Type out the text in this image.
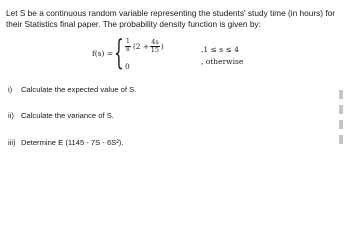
Let S be a continuous random variable representing the students' study time (in hours) for their Statistics final paper. The probability density function is given by:

f(s) = { $\frac{1}{8} (2 + \frac{4s}{15}$ )
0
,1 ≤ s ≤ 4
, otherwise
i)	Calculate the expected value of S.
ii) Calculate the variance of S.
iii) Determine E (1145 - 7S - 6S²).
